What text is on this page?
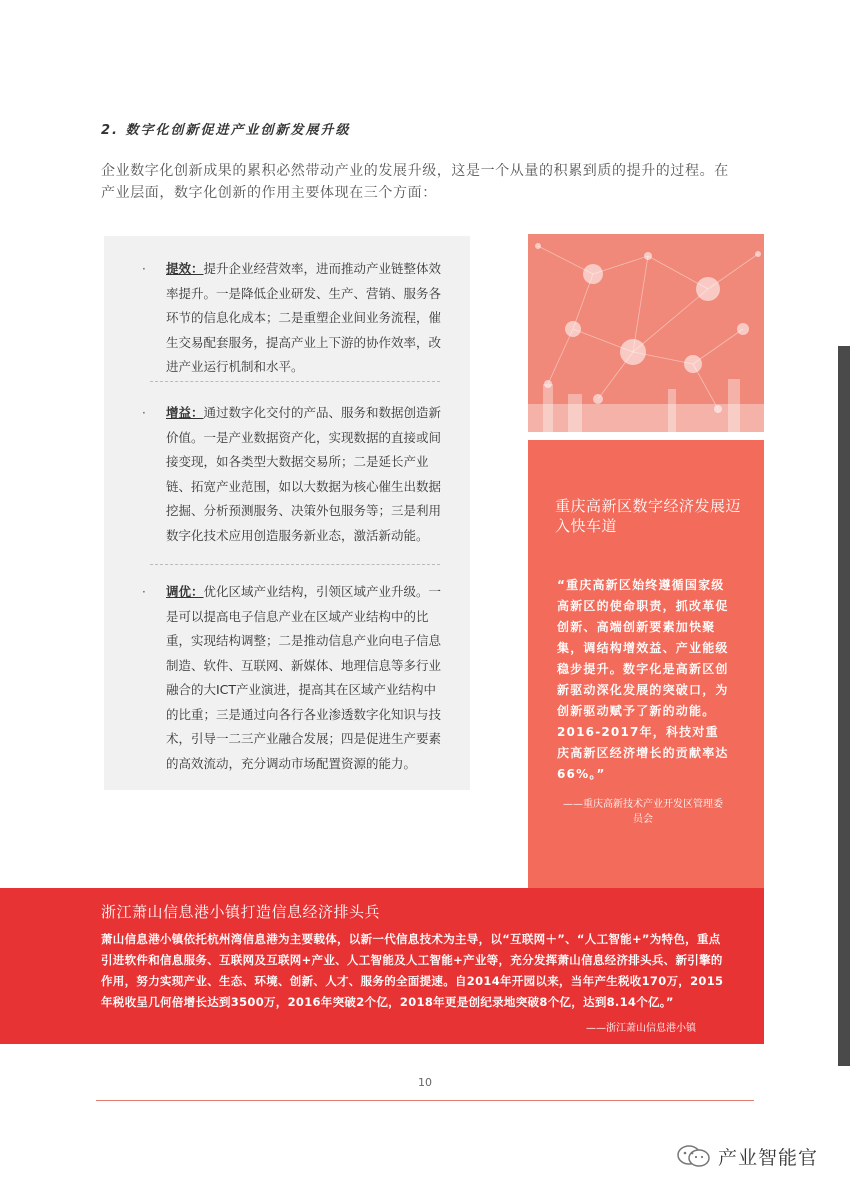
2. 数字化创新促进产业创新发展升级
企业数字化创新成果的累积必然带动产业的发展升级，这是一个从量的积累到质的提升的过程。在产业层面，数字化创新的作用主要体现在三个方面：
·	提效：提升企业经营效率，进而推动产业链整体效率提升。一是降低企业研发、生产、营销、服务各环节的信息化成本；二是重塑企业间业务流程，催生交易配套服务，提高产业上下游的协作效率，改进产业运行机制和水平。
·	增益：通过数字化交付的产品、服务和数据创造新价值。一是产业数据资产化，实现数据的直接或间接变现，如各类型大数据交易所；二是延长产业链、拓宽产业范围，如以大数据为核心催生出数据挖掘、分析预测服务、决策外包服务等；三是利用数字化技术应用创造服务新业态，激活新动能。
·	调优：优化区域产业结构，引领区域产业升级。一是可以提高电子信息产业在区域产业结构中的比重，实现结构调整；二是推动信息产业向电子信息制造、软件、互联网、新媒体、地理信息等多行业融合的大ICT产业演进，提高其在区域产业结构中的比重；三是通过向各行各业渗透数字化知识与技术，引导一二三产业融合发展；四是促进生产要素的高效流动，充分调动市场配置资源的能力。
重庆高新区数字经济发展迈入快车道
“重庆高新区始终遵循国家级高新区的使命职责，抓改革促创新、高端创新要素加快聚集，调结构增效益、产业能级稳步提升。数字化是高新区创新驱动深化发展的突破口，为创新驱动赋予了新的动能。2016-2017年，科技对重庆高新区经济增长的贡献率达66%。”
——重庆高新技术产业开发区管理委员会
浙江萧山信息港小镇打造信息经济排头兵
萧山信息港小镇依托杭州湾信息港为主要载体，以新一代信息技术为主导，以“互联网＋”、“人工智能+”为特色，重点引进软件和信息服务、互联网及互联网+产业、人工智能及人工智能+产业等，充分发挥萧山信息经济排头兵、新引擎的作用，努力实现产业、生态、环境、创新、人才、服务的全面提速。自2014年开园以来，当年产生税收170万，2015年税收呈几何倍增长达到3500万，2016年突破2个亿，2018年更是创纪录地突破8个亿，达到8.14个亿。”
——浙江萧山信息港小镇
10
产业智能官
